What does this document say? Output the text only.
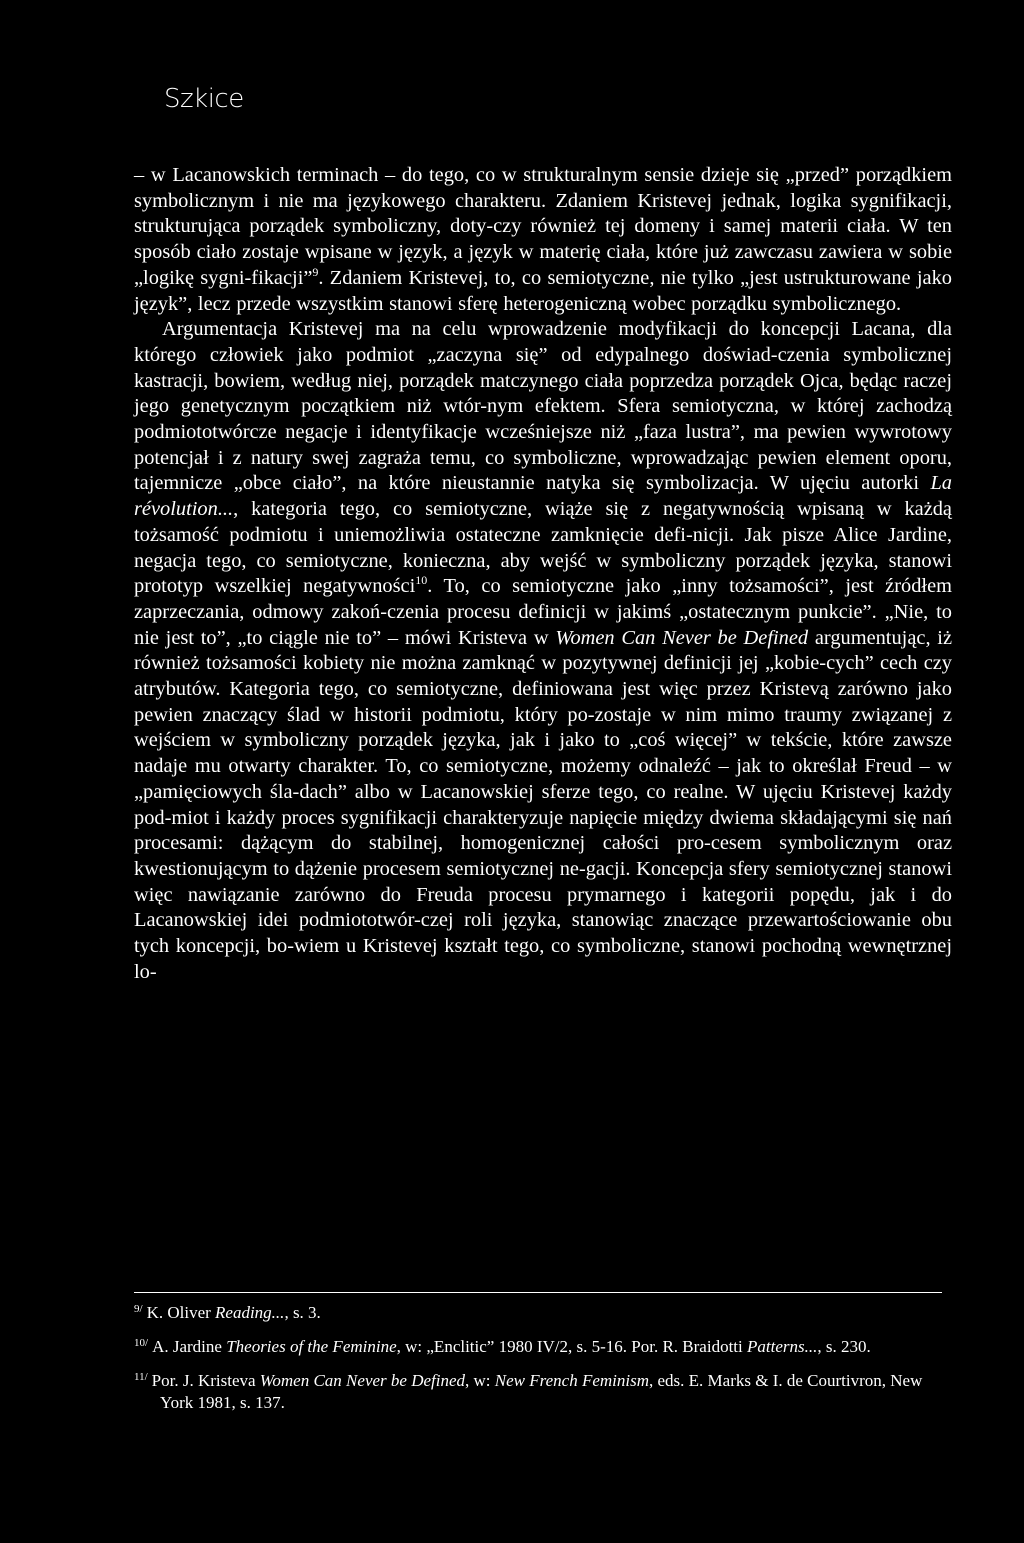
Szkice

– w Lacanowskich terminach – do tego, co w strukturalnym sensie dzieje się „przed” porządkiem symbolicznym i nie ma językowego charakteru. Zdaniem Kristevej jednak, logika sygnifikacji, strukturująca porządek symboliczny, doty-czy również tej domeny i samej materii ciała. W ten sposób ciało zostaje wpisane w język, a język w materię ciała, które już zawczasu zawiera w sobie „logikę sygni-fikacji”$^9$. Zdaniem Kristevej, to, co semiotyczne, nie tylko „jest ustrukturowane jako język”, lecz przede wszystkim stanowi sferę heterogeniczną wobec porządku symbolicznego.

Argumentacja Kristevej ma na celu wprowadzenie modyfikacji do koncepcji Lacana, dla którego człowiek jako podmiot „zaczyna się” od edypalnego doświad-czenia symbolicznej kastracji, bowiem, według niej, porządek matczynego ciała poprzedza porządek Ojca, będąc raczej jego genetycznym początkiem niż wtór-nym efektem. Sfera semiotyczna, w której zachodzą podmiototwórcze negacje i identyfikacje wcześniejsze niż „faza lustra”, ma pewien wywrotowy potencjał i z natury swej zagraża temu, co symboliczne, wprowadzając pewien element oporu, tajemnicze „obce ciało”, na które nieustannie natyka się symbolizacja. W ujęciu autorki La révolution..., kategoria tego, co semiotyczne, wiąże się z negatywnością wpisaną w każdą tożsamość podmiotu i uniemożliwia ostateczne zamknięcie defi-nicji. Jak pisze Alice Jardine, negacja tego, co semiotyczne, konieczna, aby wejść w symboliczny porządek języka, stanowi prototyp wszelkiej negatywności$^{10}$. To, co semiotyczne jako „inny tożsamości”, jest źródłem zaprzeczania, odmowy zakoń-czenia procesu definicji w jakimś „ostatecznym punkcie”. „Nie, to nie jest to”, „to ciągle nie to” – mówi Kristeva w Women Can Never be Defined argumentując, iż również tożsamości kobiety nie można zamknąć w pozytywnej definicji jej „kobie-cych” cech czy atrybutów. Kategoria tego, co semiotyczne, definiowana jest więc przez Kristevą zarówno jako pewien znaczący ślad w historii podmiotu, który po-zostaje w nim mimo traumy związanej z wejściem w symboliczny porządek języka, jak i jako to „coś więcej” w tekście, które zawsze nadaje mu otwarty charakter. To, co semiotyczne, możemy odnaleźć – jak to określał Freud – w „pamięciowych śla-dach” albo w Lacanowskiej sferze tego, co realne. W ujęciu Kristevej każdy pod-miot i każdy proces sygnifikacji charakteryzuje napięcie między dwiema składającymi się nań procesami: dążącym do stabilnej, homogenicznej całości pro-cesem symbolicznym oraz kwestionującym to dążenie procesem semiotycznej ne-gacji. Koncepcja sfery semiotycznej stanowi więc nawiązanie zarówno do Freuda procesu prymarnego i kategorii popędu, jak i do Lacanowskiej idei podmiototwór-czej roli języka, stanowiąc znaczące przewartościowanie obu tych koncepcji, bo-wiem u Kristevej kształt tego, co symboliczne, stanowi pochodną wewnętrznej lo-

$^{9/}$ K. Oliver Reading..., s. 3.
$^{10/}$ A. Jardine Theories of the Feminine, w: „Enclitic” 1980 IV/2, s. 5-16. Por. R. Braidotti Patterns..., s. 230.
$^{11/}$ Por. J. Kristeva Women Can Never be Defined, w: New French Feminism, eds. E. Marks & I. de Courtivron, New York 1981, s. 137.
